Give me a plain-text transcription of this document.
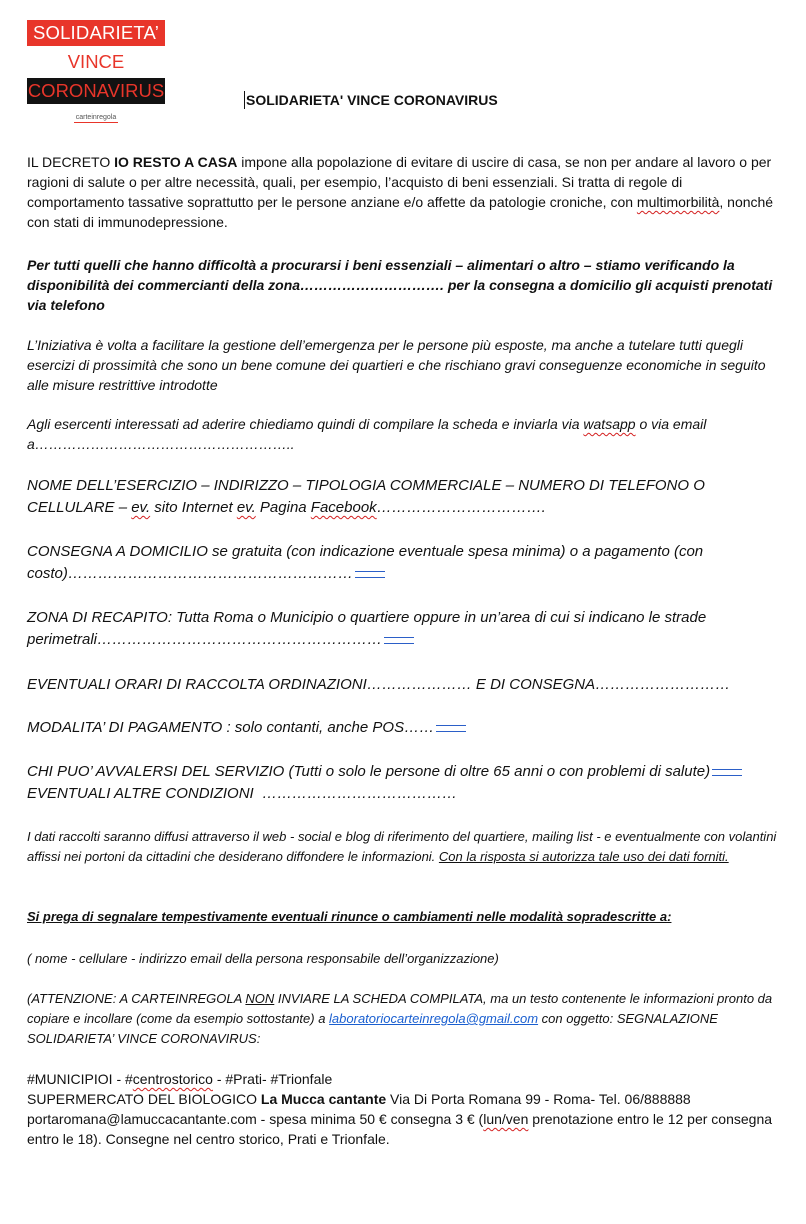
SOLIDARIETA’
VINCE
CORONAVIRUS
carteinregola
SOLIDARIETA' VINCE CORONAVIRUS

IL DECRETO IO RESTO A CASA impone alla popolazione di evitare di uscire di casa, se non per andare al lavoro o per ragioni di salute o per altre necessità, quali, per esempio, l’acquisto di beni essenziali. Si tratta di regole di comportamento tassative soprattutto per le persone anziane e/o affette da patologie croniche, con multimorbilità, nonché con stati di immunodepressione.

Per tutti quelli che hanno difficoltà a procurarsi i beni essenziali – alimentari o altro – stiamo verificando la disponibilità dei commercianti della zona…………………………. per la consegna a domicilio gli acquisti prenotati via telefono

L’Iniziativa è volta a facilitare la gestione dell’emergenza per le persone più esposte, ma anche a tutelare tutti quegli esercizi di prossimità che sono un bene comune dei quartieri e che rischiano gravi conseguenze economiche in seguito alle misure restrittive introdotte

Agli esercenti interessati ad aderire chiediamo quindi di compilare la scheda e inviarla via watsapp o via email a………………………………………………..

NOME DELL’ESERCIZIO – INDIRIZZO – TIPOLOGIA COMMERCIALE – NUMERO DI TELEFONO O CELLULARE – ev. sito Internet ev. Pagina Facebook…………………………….

CONSEGNA A DOMICILIO se gratuita (con indicazione eventuale spesa minima) o a pagamento (con costo)…………………………………………………

ZONA DI RECAPITO: Tutta Roma o Municipio o quartiere oppure in un’area di cui si indicano le strade perimetrali…………………………………………………

EVENTUALI ORARI DI RACCOLTA ORDINAZIONI………………… E DI CONSEGNA………………………

MODALITA’ DI PAGAMENTO : solo contanti, anche POS……

CHI PUO’ AVVALERSI DEL SERVIZIO (Tutti o solo le persone di oltre 65 anni o con problemi di salute)     EVENTUALI ALTRE CONDIZIONI  …………………………………

I dati raccolti saranno diffusi attraverso il web - social e blog di riferimento del quartiere, mailing list - e eventualmente con volantini affissi nei portoni da cittadini che desiderano diffondere le informazioni. Con la risposta si autorizza tale uso dei dati forniti.

Si prega di segnalare tempestivamente eventuali rinunce o cambiamenti nelle modalità sopradescritte a:

( nome - cellulare - indirizzo email della persona responsabile dell’organizzazione)

(ATTENZIONE: A CARTEINREGOLA NON INVIARE LA SCHEDA COMPILATA, ma un testo contenente le informazioni pronto da copiare e incollare (come da esempio sottostante) a laboratoriocarteinregola@gmail.com con oggetto: SEGNALAZIONE SOLIDARIETA’ VINCE CORONAVIRUS:

#MUNICIPIOI - #centrostorico - #Prati- #Trionfale

SUPERMERCATO DEL BIOLOGICO La Mucca cantante Via Di Porta Romana 99 - Roma- Tel. 06/888888 portaromana@lamuccacantante.com - spesa minima 50 € consegna 3 € (lun/ven prenotazione entro le 12 per consegna entro le 18). Consegne nel centro storico, Prati e Trionfale.
